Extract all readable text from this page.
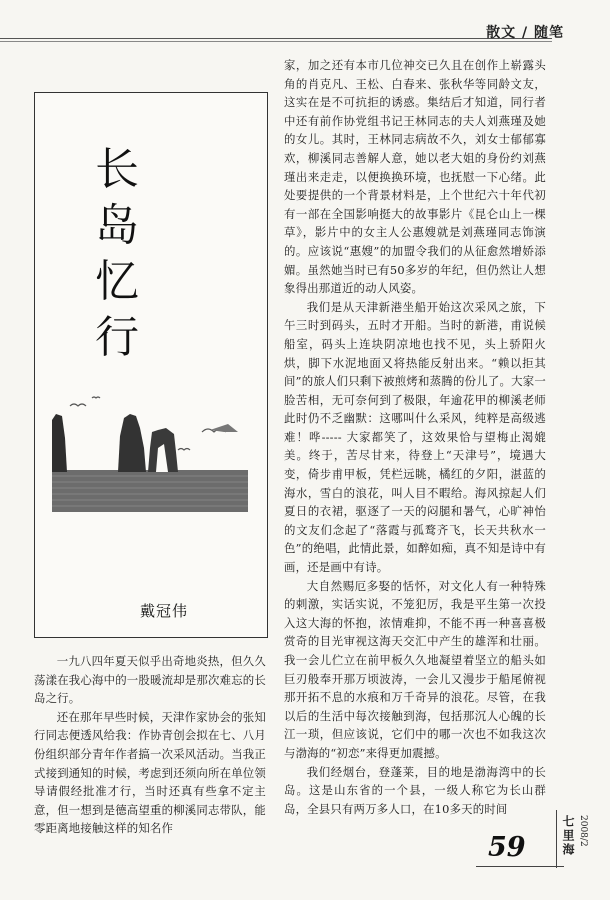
散文 / 随笔
长
岛
忆
行
戴冠伟

家，加之还有本市几位神交已久且在创作上崭露头角的肖克凡、王松、白春来、张秋华等同龄文友，这实在是不可抗拒的诱惑。集结后才知道，同行者中还有前作协党组书记王林同志的夫人刘燕瑾及她的女儿。其时，王林同志病故不久，刘女士郁郁寡欢，柳溪同志善解人意，她以老大姐的身份约刘燕瑾出来走走，以便换换环境，也抚慰一下心绪。此处要提供的一个背景材料是，上个世纪六十年代初有一部在全国影响挺大的故事影片《昆仑山上一棵草》，影片中的女主人公惠嫂就是刘燕瑾同志饰演的。应该说“惠嫂”的加盟令我们的从征愈然增娇添媚。虽然她当时已有50多岁的年纪，但仍然让人想象得出那道近的动人风姿。

我们是从天津新港坐船开始这次采风之旅，下午三时到码头，五时才开船。当时的新港，甫说候船室，码头上连块阴凉地也找不见，头上骄阳火烘，脚下水泥地面又将热能反射出来。“赖以拒其间”的旅人们只剩下被煎烤和蒸腾的份儿了。大家一脸苦相，无可奈何到了极限，年逾花甲的柳溪老师此时仍不乏幽默：这哪叫什么采风，纯粹是高级逃难！哗----- 大家都笑了，这效果恰与望梅止渴媲美。终于，苦尽甘来，待登上“天津号”，境遇大变，倚步甫甲板，凭栏远眺，橘红的夕阳，湛蓝的海水，雪白的浪花，叫人目不暇给。海风掠起人们夏日的衣裙，驱逐了一天的闷腿和暑气，心旷神怡的文友们念起了“落霞与孤鹜齐飞，长天共秋水一色”的绝唱，此情此景，如醉如痴，真不知是诗中有画，还是画中有诗。

大自然赐厄多娶的恬怀，对文化人有一种特殊的剌激，实话实说，不笼犯厉，我是平生第一次投入这大海的怀抱，浓情难抑，不能不再一种喜喜极赏奇的目光审视这海天交汇中产生的雄浑和壮丽。我一会儿伫立在前甲板久久地凝望着坚立的船头如巨刃般奉开那万顷波涛，一会儿又漫步于船尾俯视那开拓不息的水痕和万千奇异的浪花。尽管，在我以后的生活中每次接触到海，包括那沉人心魄的长江一琐，但应该说，它们中的哪一次也不如我这次与渤海的“初恋”来得更加震撼。

我们经烟台，登蓬莱，目的地是渤海湾中的长岛。这是山东省的一个县，一级人称它为长山群岛，全县只有两万多人口，在10多天的时间

一九八四年夏天似乎出奇地炎热，但久久荡漾在我心海中的一股暖流却是那次难忘的长岛之行。

还在那年早些时候，天津作家协会的张知行同志便透风给我：作协青创会拟在七、八月份组织部分青年作者搞一次采风活动。当我正式接到通知的时候，考虑到还须向所在单位领导请假经批准才行，当时还真有些拿不定主意，但一想到是德高望重的柳溪同志带队，能零距离地接触这样的知名作	七里海 2008/2
59
